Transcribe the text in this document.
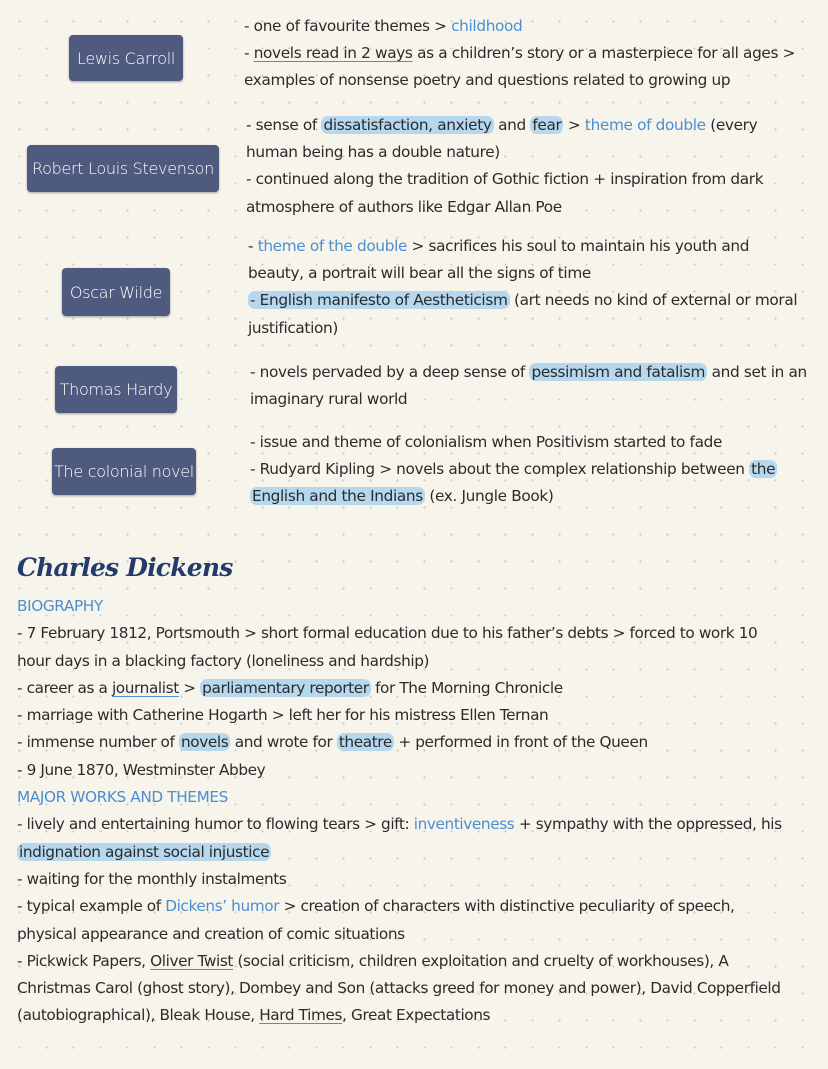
Lewis Carroll
Robert Louis Stevenson
Oscar Wilde
Thomas Hardy
The colonial novel
- one of favourite themes > childhood
- novels read in 2 ways as a children’s story or a masterpiece for all ages >
examples of nonsense poetry and questions related to growing up
- sense of dissatisfaction, anxiety and fear > theme of double (every
human being has a double nature)
- continued along the tradition of Gothic fiction + inspiration from dark
atmosphere of authors like Edgar Allan Poe
- theme of the double > sacrifices his soul to maintain his youth and
beauty, a portrait will bear all the signs of time
- English manifesto of Aestheticism (art needs no kind of external or moral
justification)
- novels pervaded by a deep sense of pessimism and fatalism and set in an
imaginary rural world
- issue and theme of colonialism when Positivism started to fade
- Rudyard Kipling > novels about the complex relationship between the
English and the Indians (ex. Jungle Book)
Charles Dickens
BIOGRAPHY
- 7 February 1812, Portsmouth > short formal education due to his father’s debts > forced to work 10
hour days in a blacking factory (loneliness and hardship)
- career as a journalist > parliamentary reporter for The Morning Chronicle
- marriage with Catherine Hogarth > left her for his mistress Ellen Ternan
- immense number of novels and wrote for theatre + performed in front of the Queen
- 9 June 1870, Westminster Abbey
MAJOR WORKS AND THEMES
- lively and entertaining humor to flowing tears > gift: inventiveness + sympathy with the oppressed, his
indignation against social injustice
- waiting for the monthly instalments
- typical example of Dickens’ humor > creation of characters with distinctive peculiarity of speech,
physical appearance and creation of comic situations
- Pickwick Papers, Oliver Twist (social criticism, children exploitation and cruelty of workhouses), A
Christmas Carol (ghost story), Dombey and Son (attacks greed for money and power), David Copperfield
(autobiographical), Bleak House, Hard Times, Great Expectations
